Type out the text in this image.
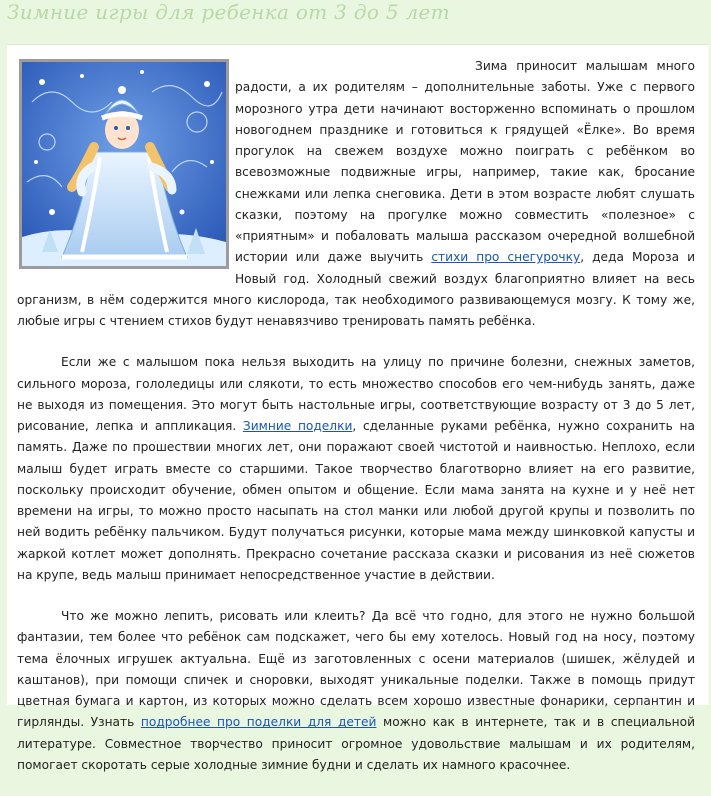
Зимние игры для ребенка от 3 до 5 лет

Зима приносит малышам много радости, а их родителям – дополнительные заботы. Уже с первого морозного утра дети начинают восторженно вспоминать о прошлом новогоднем празднике и готовиться к грядущей «Ёлке». Во время прогулок на свежем воздухе можно поиграть с ребёнком во всевозможные подвижные игры, например, такие как, бросание снежками или лепка снеговика. Дети в этом возрасте любят слушать сказки, поэтому на прогулке можно совместить «полезное» с «приятным» и побаловать малыша рассказом очередной волшебной истории или даже выучить стихи про снегурочку, деда Мороза и Новый год. Холодный свежий воздух благоприятно влияет на весь организм, в нём содержится много кислорода, так необходимого развивающемуся мозгу. К тому же, любые игры с чтением стихов будут ненавязчиво тренировать память ребёнка.

Если же с малышом пока нельзя выходить на улицу по причине болезни, снежных заметов, сильного мороза, гололедицы или слякоти, то есть множество способов его чем-нибудь занять, даже не выходя из помещения. Это могут быть настольные игры, соответствующие возрасту от 3 до 5 лет, рисование, лепка и аппликация. Зимние поделки, сделанные руками ребёнка, нужно сохранить на память. Даже по прошествии многих лет, они поражают своей чистотой и наивностью. Неплохо, если малыш будет играть вместе со старшими. Такое творчество благотворно влияет на его развитие, поскольку происходит обучение, обмен опытом и общение. Если мама занята на кухне и у неё нет времени на игры, то можно просто насыпать на стол манки или любой другой крупы и позволить по ней водить ребёнку пальчиком. Будут получаться рисунки, которые мама между шинковкой капусты и жаркой котлет может дополнять. Прекрасно сочетание рассказа сказки и рисования из неё сюжетов на крупе, ведь малыш принимает непосредственное участие в действии.

Что же можно лепить, рисовать или клеить? Да всё что годно, для этого не нужно большой фантазии, тем более что ребёнок сам подскажет, чего бы ему хотелось. Новый год на носу, поэтому тема ёлочных игрушек актуальна. Ещё из заготовленных с осени материалов (шишек, жёлудей и каштанов), при помощи спичек и сноровки, выходят уникальные поделки. Также в помощь придут цветная бумага и картон, из которых можно сделать всем хорошо известные фонарики, серпантин и гирлянды. Узнать подробнее про поделки для детей можно как в интернете, так и в специальной литературе. Совместное творчество приносит огромное удовольствие малышам и их родителям, помогает скоротать серые холодные зимние будни и сделать их намного красочнее.
